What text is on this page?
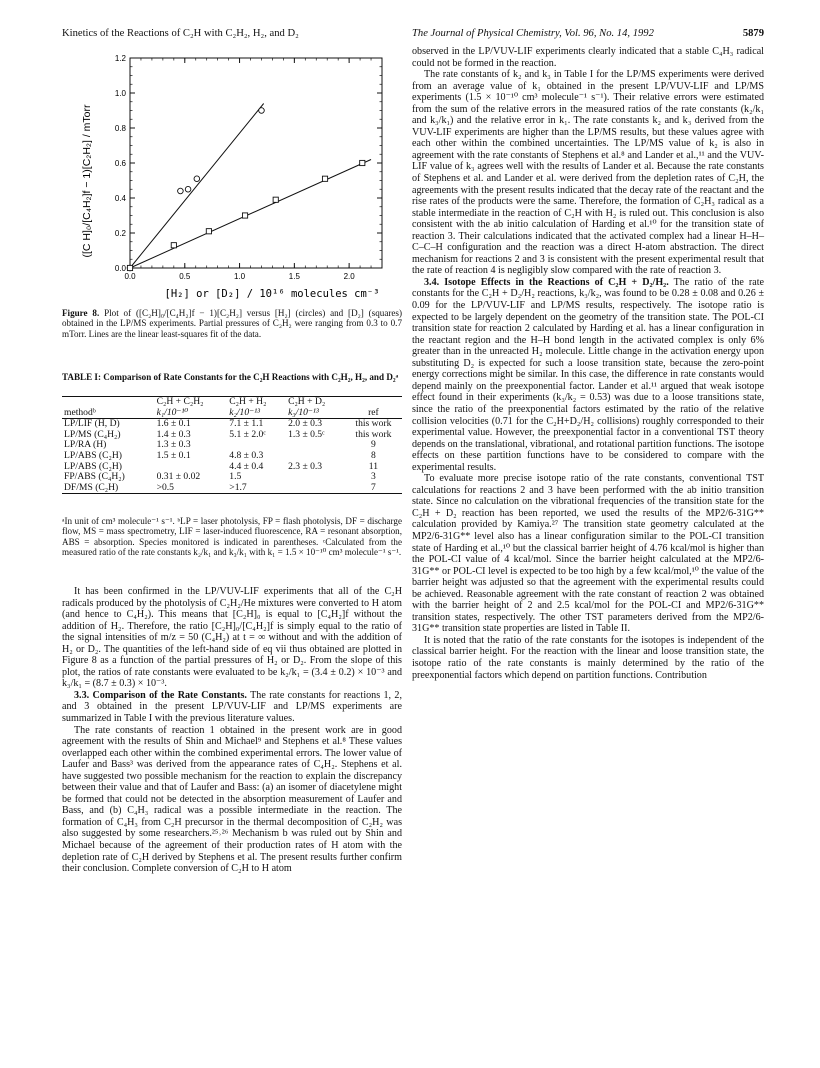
Kinetics of the Reactions of C₂H with C₂H₂, H₂, and D₂	The Journal of Physical Chemistry, Vol. 96, No. 14, 1992	5879
0.0	0.5	1.0	1.5	2.0
0.0
0.2
0.4
0.6
0.8
1.0
1.2
([C H]₀/[C₄H₂]f − 1)[C₂H₂] / mTorr
[H₂] or [D₂] / 10¹⁶ molecules cm⁻³
Figure 8. Plot of ([C₂H]₀/[C₄H₂]f − 1)[C₂H₂] versus [H₂] (circles) and [D₂] (squares) obtained in the LP/MS experiments. Partial pressures of C₂H₂ were ranging from 0.3 to 0.7 mTorr. Lines are the linear least-squares fit of the data.
TABLE I: Comparison of Rate Constants for the C₂H Reactions with C₂H₂, H₂, and D₂ᵃ
	C₂H + C₂H₂	C₂H + H₂	C₂H + D₂	
methodᵇ	k₁/10⁻¹⁰	k₂/10⁻¹³	k₃/10⁻¹³	ref
LP/LIF (H, D)	1.6 ± 0.1	7.1 ± 1.1	2.0 ± 0.3	this work
LP/MS (C₄H₂)	1.4 ± 0.3	5.1 ± 2.0ᶜ	1.3 ± 0.5ᶜ	this work
LP/RA (H)	1.3 ± 0.3			9
LP/ABS (C₂H)	1.5 ± 0.1	4.8 ± 0.3		8
LP/ABS (C₂H)		4.4 ± 0.4	2.3 ± 0.3	11
FP/ABS (C₄H₂)	0.31 ± 0.02	1.5		3
DF/MS (C₂H)	>0.5	>1.7		7
ᵃIn unit of cm³ molecule⁻¹ s⁻¹. ᵇLP = laser photolysis, FP = flash photolysis, DF = discharge flow, MS = mass spectrometry, LIF = laser-induced fluorescence, RA = resonant absorption, ABS = absorption. Species monitored is indicated in parentheses. ᶜCalculated from the measured ratio of the rate constants k₂/k₁ and k₃/k₁ with k₁ = 1.5 × 10⁻¹⁰ cm³ molecule⁻¹ s⁻¹.

It has been confirmed in the LP/VUV-LIF experiments that all of the C₂H radicals produced by the photolysis of C₂H₂/He mixtures were converted to H atom (and hence to C₄H₂). This means that [C₂H]₀ is equal to [C₄H₂]f without the addition of H₂. Therefore, the ratio [C₂H]₀/[C₄H₂]f is simply equal to the ratio of the signal intensities of m/z = 50 (C₄H₂) at t = ∞ without and with the addition of H₂ or D₂. The quantities of the left-hand side of eq vii thus obtained are plotted in Figure 8 as a function of the partial pressures of H₂ or D₂. From the slope of this plot, the ratios of rate constants were evaluated to be k₂/k₁ = (3.4 ± 0.2) × 10⁻³ and k₃/k₁ = (8.7 ± 0.3) × 10⁻³.

3.3. Comparison of the Rate Constants. The rate constants for reactions 1, 2, and 3 obtained in the present LP/VUV-LIF and LP/MS experiments are summarized in Table I with the previous literature values.

The rate constants of reaction 1 obtained in the present work are in good agreement with the results of Shin and Michael⁹ and Stephens et al.⁸ These values overlapped each other within the combined experimental errors. The lower value of Laufer and Bass³ was derived from the appearance rates of C₄H₂. Stephens et al. have suggested two possible mechanism for the reaction to explain the discrepancy between their value and that of Laufer and Bass: (a) an isomer of diacetylene might be formed that could not be detected in the absorption measurement of Laufer and Bass, and (b) C₄H₃ radical was a possible intermediate in the reaction. The formation of C₄H₃ from C₂H precursor in the thermal decomposition of C₂H₂ was also suggested by some researchers.²⁵˒²⁶ Mechanism b was ruled out by Shin and Michael because of the agreement of their production rates of H atom with the depletion rate of C₂H derived by Stephens et al. The present results further confirm their conclusion. Complete conversion of C₂H to H atom

observed in the LP/VUV-LIF experiments clearly indicated that a stable C₄H₃ radical could not be formed in the reaction.

The rate constants of k₂ and k₃ in Table I for the LP/MS experiments were derived from an average value of k₁ obtained in the present LP/VUV-LIF and LP/MS experiments (1.5 × 10⁻¹⁰ cm³ molecule⁻¹ s⁻¹). Their relative errors were estimated from the sum of the relative errors in the measured ratios of the rate constants (k₂/k₁ and k₃/k₁) and the relative error in k₁. The rate constants k₂ and k₃ derived from the VUV-LIF experiments are higher than the LP/MS results, but these values agree with each other within the combined uncertainties. The LP/MS value of k₂ is also in agreement with the rate constants of Stephens et al.⁸ and Lander et al.,¹¹ and the VUV-LIF value of k₃ agrees well with the results of Lander et al. Because the rate constants of Stephens et al. and Lander et al. were derived from the depletion rates of C₂H, the agreements with the present results indicated that the decay rate of the reactant and the rise rates of the products were the same. Therefore, the formation of C₂H₃ radical as a stable intermediate in the reaction of C₂H with H₂ is ruled out. This conclusion is also consistent with the ab initio calculation of Harding et al.¹⁰ for the transition state of reaction 3. Their calculations indicated that the activated complex had a linear H–H–C–C–H configuration and the reaction was a direct H-atom abstraction. The direct mechanism for reactions 2 and 3 is consistent with the present experimental result that the rate of reaction 4 is negligibly slow compared with the rate of reaction 3.

3.4. Isotope Effects in the Reactions of C₂H + D₂/H₂. The ratio of the rate constants for the C₂H + D₂/H₂ reactions, k₃/k₂, was found to be 0.28 ± 0.08 and 0.26 ± 0.09 for the LP/VUV-LIF and LP/MS results, respectively. The isotope ratio is expected to be largely dependent on the geometry of the transition state. The POL-CI transition state for reaction 2 calculated by Harding et al. has a linear configuration in the reactant region and the H–H bond length in the activated complex is only 6% greater than in the unreacted H₂ molecule. Little change in the activation energy upon substituting D₂ is expected for such a loose transition state, because the zero-point energy corrections might be similar. In this case, the difference in rate constants would depend mainly on the preexponential factor. Lander et al.¹¹ argued that weak isotope effect found in their experiments (k₃/k₂ = 0.53) was due to a loose transitions state, since the ratio of the preexponential factors estimated by the ratio of the relative collision velocities (0.71 for the C₂H+D₂/H₂ collisions) roughly corresponded to their experimental value. However, the preexponential factor in a conventional TST theory depends on the translational, vibrational, and rotational partition functions. The isotope effects on these partition functions have to be considered to compare with the experimental results.

To evaluate more precise isotope ratio of the rate constants, conventional TST calculations for reactions 2 and 3 have been performed with the ab initio transition state. Since no calculation on the vibrational frequencies of the transition state for the C₂H + D₂ reaction has been reported, we used the results of the MP2/6-31G** calculation provided by Kamiya.²⁷ The transition state geometry calculated at the MP2/6-31G** level also has a linear configuration similar to the POL-CI transition state of Harding et al.,¹⁰ but the classical barrier height of 4.76 kcal/mol is higher than the POL-CI value of 4 kcal/mol. Since the barrier height calculated at the MP2/6-31G** or POL-CI level is expected to be too high by a few kcal/mol,¹⁰ the value of the barrier height was adjusted so that the agreement with the experimental results could be achieved. Reasonable agreement with the rate constant of reaction 2 was obtained with the barrier height of 2 and 2.5 kcal/mol for the POL-CI and MP2/6-31G** transition states, respectively. The other TST parameters derived from the MP2/6-31G** transition state properties are listed in Table II.

It is noted that the ratio of the rate constants for the isotopes is independent of the classical barrier height. For the reaction with the linear and loose transition state, the isotope ratio of the rate constants is mainly determined by the ratio of the preexponential factors which depend on partition functions. Contribution
